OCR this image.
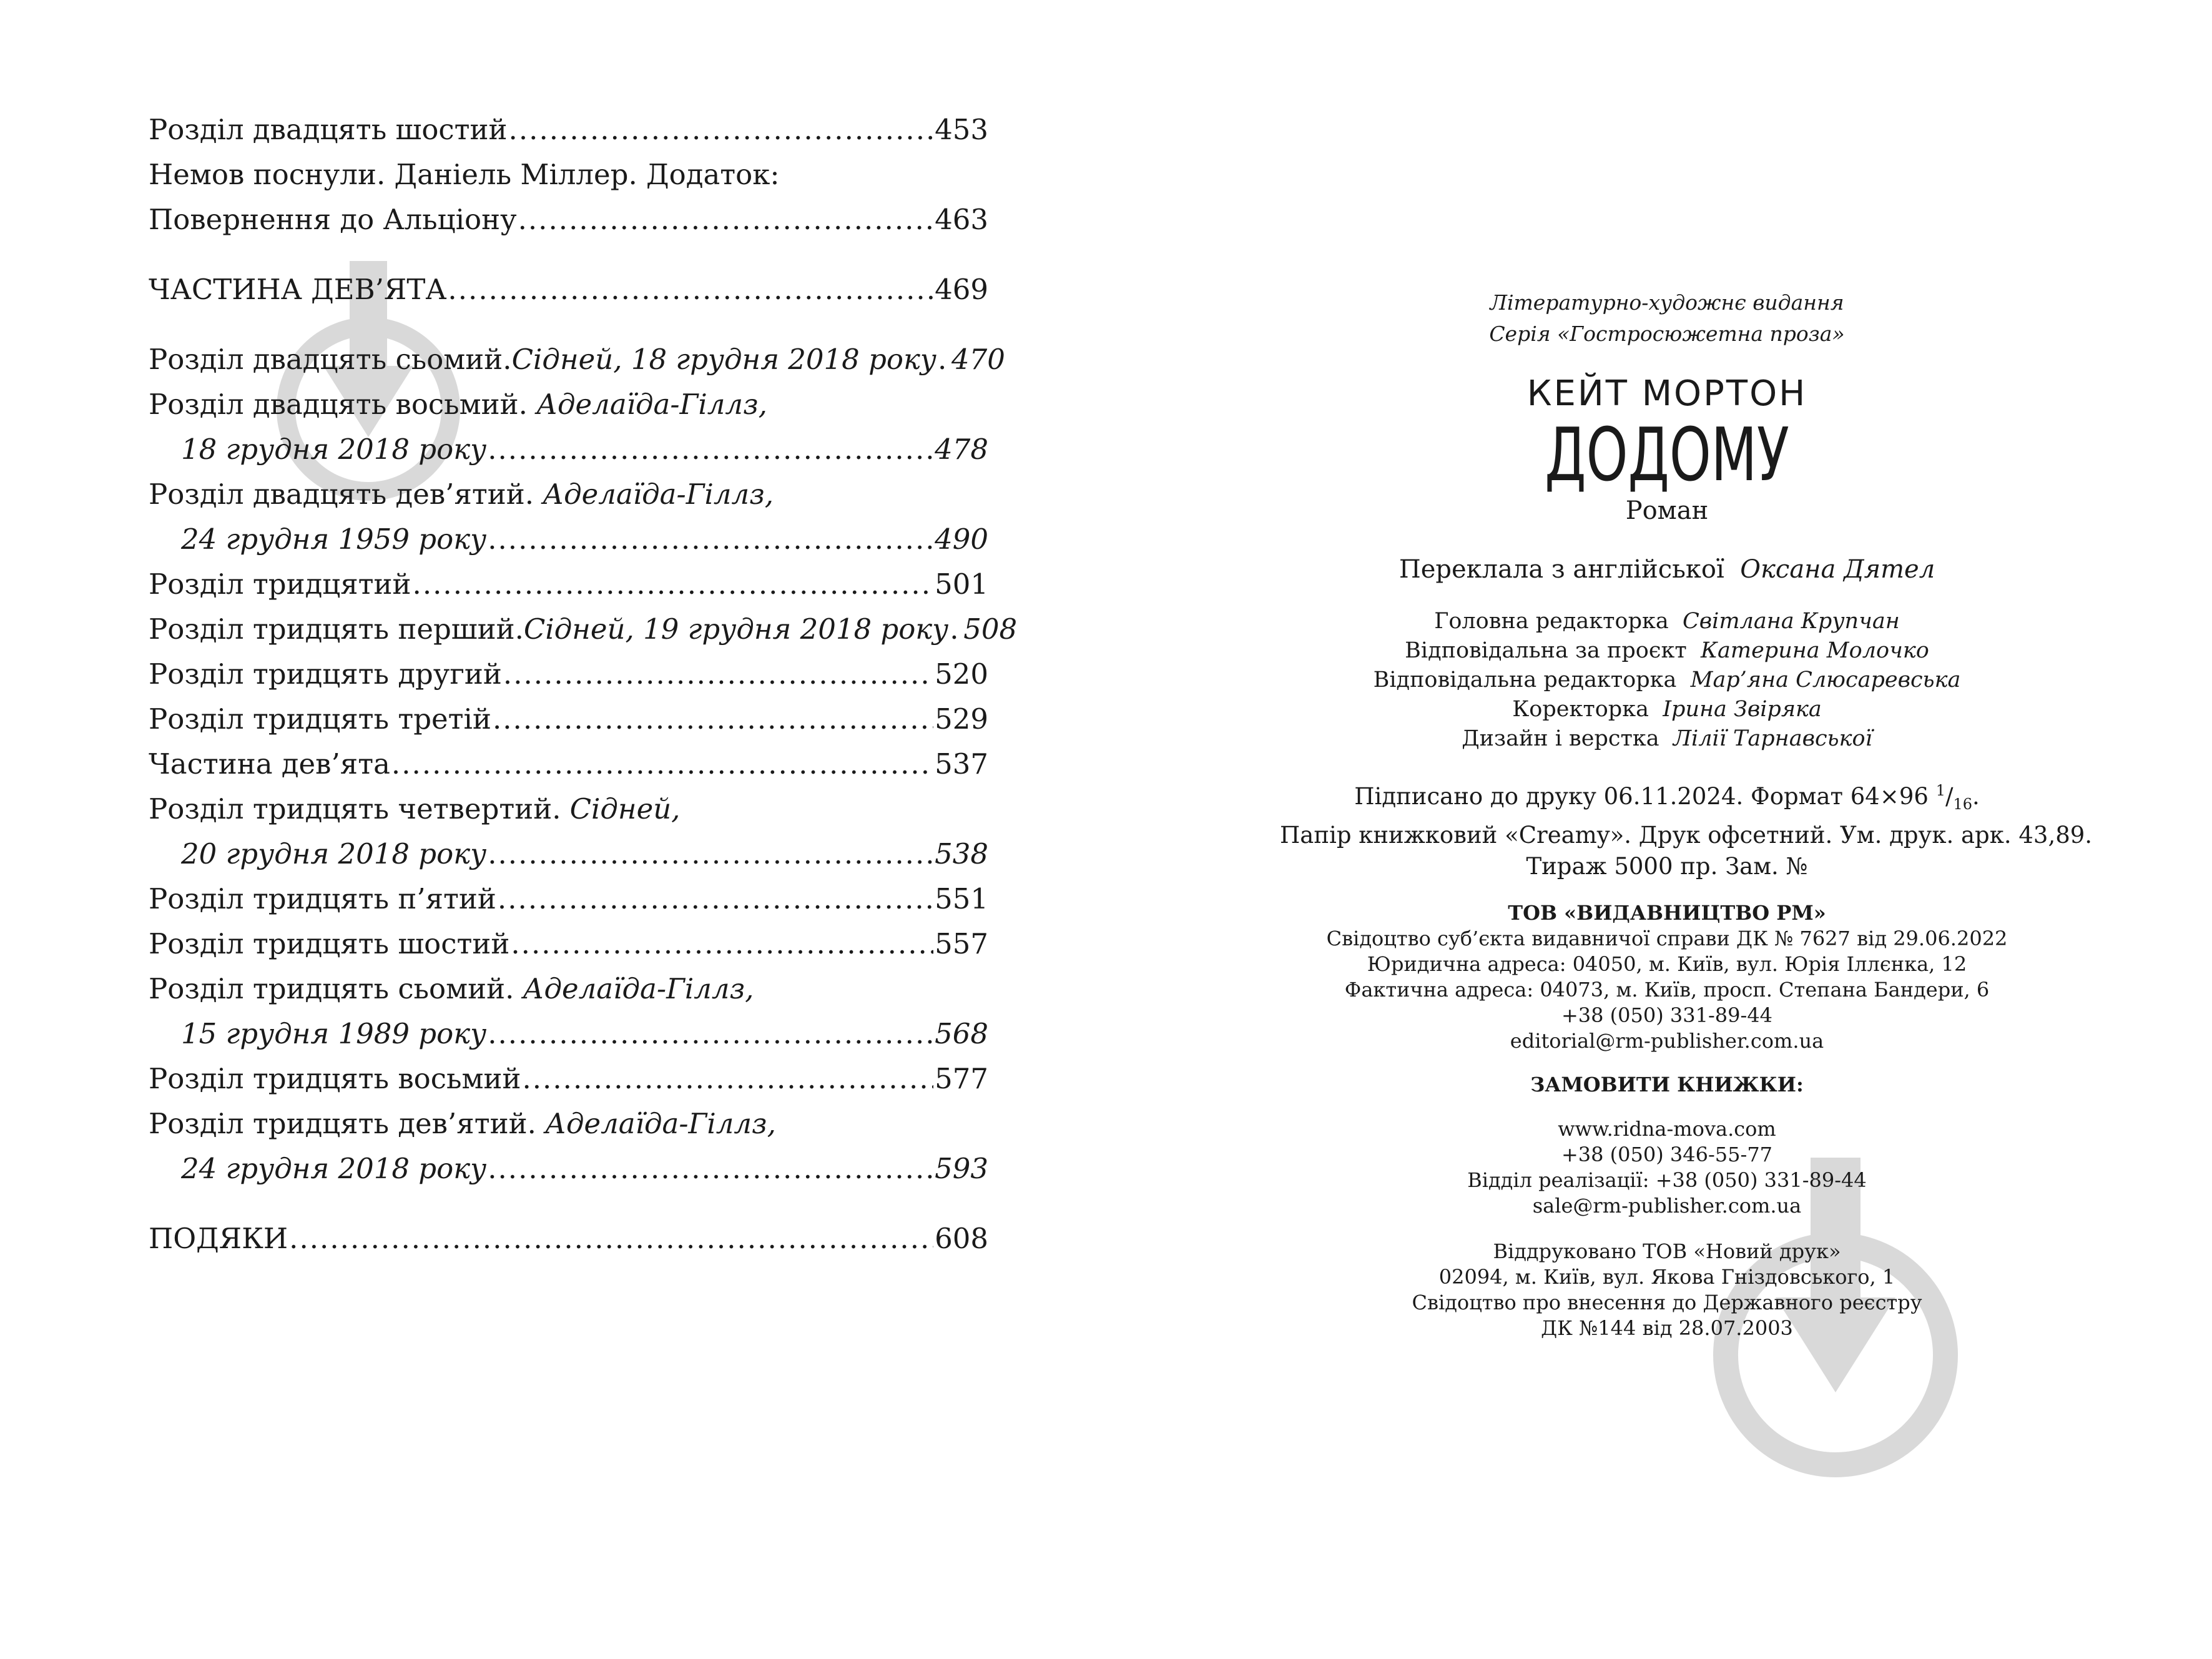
Розділ двадцять шостий .....	453
Немов поснули. Даніель Міллер. Додаток:
Повернення до Альціону .....	463
ЧАСТИНА ДЕВ’ЯТА .....	469
Розділ двадцять сьомий. Сідней, 18 грудня 2018 року ..... 470
Розділ двадцять восьмий. Аделаїда-Гіллз,
18 грудня 2018 року .....	478
Розділ двадцять дев’ятий. Аделаїда-Гіллз,
24 грудня 1959 року .....	490
Розділ тридцятий .....	501
Розділ тридцять перший. Сідней, 19 грудня 2018 року ..... 508
Розділ тридцять другий .....	520
Розділ тридцять третій .....	529
Частина дев’ята .....	537
Розділ тридцять четвертий. Сідней,
20 грудня 2018 року .....	538
Розділ тридцять п’ятий .....	551
Розділ тридцять шостий .....	557
Розділ тридцять сьомий. Аделаїда-Гіллз,
15 грудня 1989 року .....	568
Розділ тридцять восьмий .....	577
Розділ тридцять дев’ятий. Аделаїда-Гіллз,
24 грудня 2018 року .....	593
ПОДЯКИ .....	608
Літературно-художнє видання
Серія «Гостросюжетна проза»
КЕЙТ МОРТОН
ДОДОМУ
Роман
Переклала з англійської Оксана Дятел
Головна редакторка Світлана Крупчан
Відповідальна за проєкт Катерина Молочко
Відповідальна редакторка Мар’яна Слюсаревська
Коректорка Ірина Звіряка
Дизайн і верстка Лілії Тарнавської
Підписано до друку 06.11.2024. Формат 64×96 $^1/_{16}$.
Папір книжковий «Creamy». Друк офсетний. Ум. друк. арк. 43,89.
Тираж 5000 пр. Зам. №
ТОВ «ВИДАВНИЦТВО РМ»
Свідоцтво суб’єкта видавничої справи ДК № 7627 від 29.06.2022
Юридична адреса: 04050, м. Київ, вул. Юрія Іллєнка, 12
Фактична адреса: 04073, м. Київ, просп. Степана Бандери, 6
+38 (050) 331-89-44
editorial@rm-publisher.com.ua
ЗАМОВИТИ КНИЖКИ:
www.ridna-mova.com
+38 (050) 346-55-77
Відділ реалізації: +38 (050) 331-89-44
sale@rm-publisher.com.ua
Віддруковано ТОВ «Новий друк»
02094, м. Київ, вул. Якова Гніздовського, 1
Свідоцтво про внесення до Державного реєстру
ДК №144 від 28.07.2003
